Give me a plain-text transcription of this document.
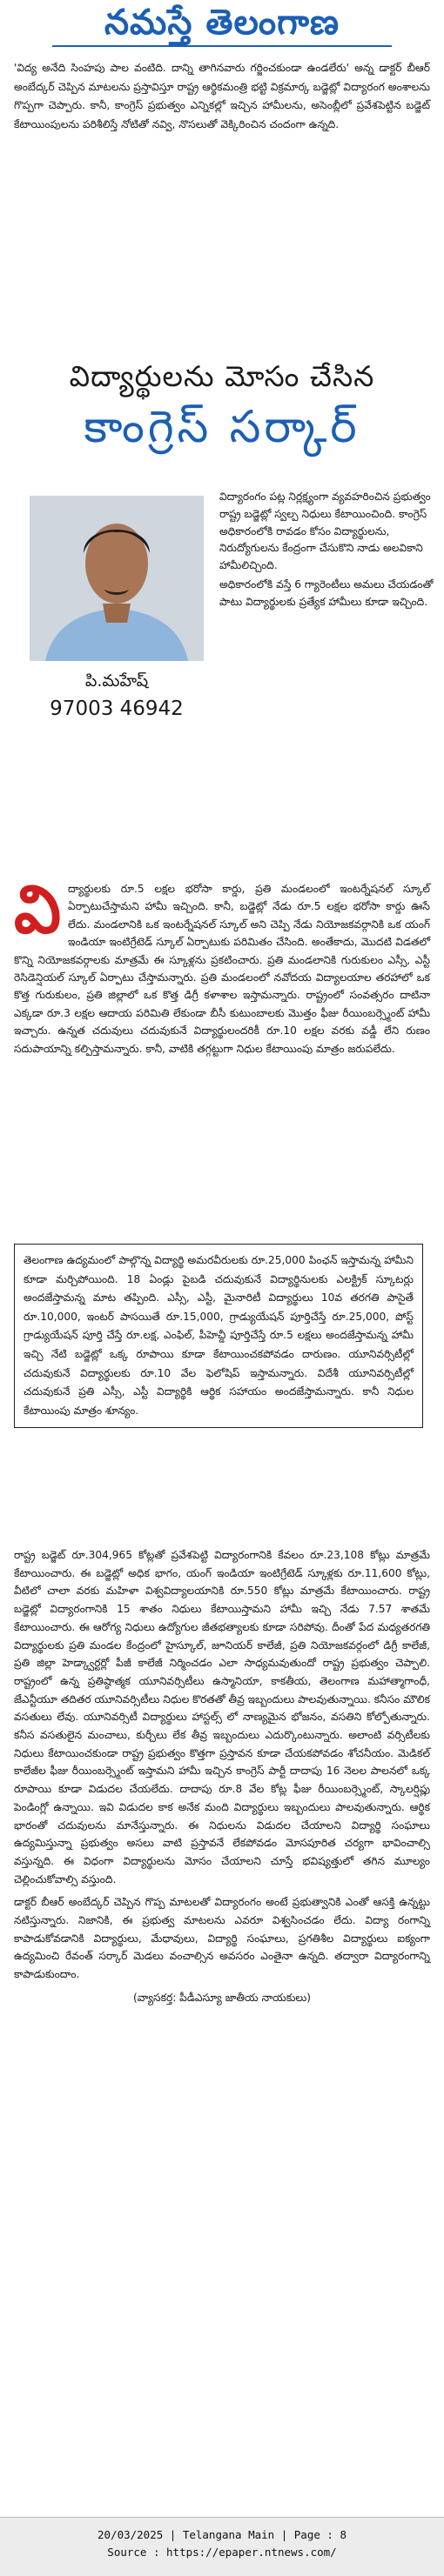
నమస్తే తెలంగాణ
'విద్య అనేది సింహపు పాల వంటిది. దాన్ని తాగినవారు గర్జించకుండా ఉండలేరు' అన్న డాక్టర్ బీఆర్ అంబేద్కర్ చెప్పిన మాటలను ప్రస్తావిస్తూ రాష్ట్ర ఆర్థికమంత్రి భట్టి విక్రమార్క బడ్జెట్లో విద్యారంగ అంశాలను గొప్పగా చెప్పారు. కానీ, కాంగ్రెస్ ప్రభుత్వం ఎన్నికల్లో ఇచ్చిన హామీలను, అసెంబ్లీలో ప్రవేశపెట్టిన బడ్జెట్ కేటాయింపులను పరిశీలిస్తే నోటితో నవ్వి, నొసలుతో వెక్కిరించిన చందంగా ఉన్నది.
విద్యార్థులను మోసం చేసిన
కాంగ్రెస్ సర్కార్
పి.మహేష్
97003 46942

విద్యారంగం పట్ల నిర్లక్ష్యంగా వ్యవహరించిన ప్రభుత్వం రాష్ట్ర బడ్జెట్లో స్వల్ప నిధులు కేటాయించింది. కాంగ్రెస్ అధికారంలోకి రావడం కోసం విద్యార్థులను, నిరుద్యోగులను కేంద్రంగా చేసుకొని నాడు అలవికాని హామీలిచ్చింది.

అధికారంలోకి వస్తే 6 గ్యారెంటీలు అమలు చేయడంతో పాటు విద్యార్థులకు ప్రత్యేక హామీలు కూడా ఇచ్చింది.

వి ద్యార్థులకు రూ.5 లక్షల భరోసా కార్డు, ప్రతి మండలంలో ఇంటర్నేషనల్ స్కూల్ ఏర్పాటుచేస్తామని హామీ ఇచ్చింది. కానీ, బడ్జెట్లో నేడు రూ.5 లక్షల భరోసా కార్డు ఊసే లేదు. మండలానికి ఒక ఇంటర్నేషనల్ స్కూల్ అని చెప్పి నేడు నియోజకవర్గానికి ఒక యంగ్ ఇండియా ఇంటిగ్రేటెడ్ స్కూల్ ఏర్పాటుకు పరిమితం చేసింది. అంతేకాదు, మొదటి విడతలో కొన్ని నియోజకవర్గాలకు మాత్రమే ఈ స్కూళ్లను ప్రకటించారు. ప్రతి మండలానికి గురుకులం ఎస్సీ, ఎస్టీ రెసిడెన్షియల్ స్కూల్ ఏర్పాటు చేస్తామన్నారు. ప్రతి మండలంలో నవోదయ విద్యాలయాల తరహాలో ఒక కొత్త గురుకులం, ప్రతి జిల్లాలో ఒక కొత్త డిగ్రీ కళాశాల ఇస్తామన్నారు. రాష్ట్రంలో సంవత్సరం దాటినా ఎక్కడా రూ.3 లక్షల ఆదాయ పరిమితి లేకుండా బీసీ కుటుంబాలకు మొత్తం ఫీజు రీయింబర్స్మెంట్ హామీ ఇచ్చారు. ఉన్నత చదువులు చదువుకునే విద్యార్థులందరికీ రూ.10 లక్షల వరకు వడ్డీ లేని రుణం సదుపాయాన్ని కల్పిస్తామన్నారు. కానీ, వాటికి తగ్గట్టుగా నిధుల కేటాయింపు మాత్రం జరుపలేదు.

తెలంగాణ ఉద్యమంలో పాల్గొన్న విద్యార్థి అమరవీరులకు రూ.25,000 పింఛన్ ఇస్తామన్న హామీని కూడా మర్చిపోయింది. 18 ఏండ్లు పైబడి చదువుకునే విద్యార్థినులకు ఎలక్ట్రిక్ స్కూటర్లు అందజేస్తామన్న మాట తప్పింది. ఎస్సీ, ఎస్టీ, మైనారిటీ విద్యార్థులు 10వ తరగతి పాసైతే రూ.10,000, ఇంటర్ పాసయితే రూ.15,000, గ్రాడ్యుయేషన్ పూర్తిచేస్తే రూ.25,000, పోస్ట్ గ్రాడ్యుయేషన్ పూర్తి చేస్తే రూ.లక్ష, ఎంఫిల్, పీహెచ్డీ పూర్తిచేస్తే రూ.5 లక్షలు అందజేస్తామన్న హామీ ఇచ్చి నేటి బడ్జెట్లో ఒక్క రూపాయి కూడా కేటాయించకపోవడం దారుణం. యూనివర్సిటీల్లో చదువుకునే విద్యార్థులకు రూ.10 వేల ఫెలోషిప్ ఇస్తామన్నారు. విదేశీ యూనివర్సిటీల్లో చదువుకునే ప్రతి ఎస్సీ, ఎస్టీ విద్యార్థికి ఆర్థిక సహాయం అందజేస్తామన్నారు. కానీ నిధుల కేటాయింపు మాత్రం శూన్యం.

రాష్ట్ర బడ్జెట్ రూ.304,965 కోట్లతో ప్రవేశపెట్టి విద్యారంగానికి కేవలం రూ.23,108 కోట్లు మాత్రమే కేటాయించారు. ఈ బడ్జెట్లో అధిక భాగం, యంగ్ ఇండియా ఇంటిగ్రేటెడ్ స్కూళ్లకు రూ.11,600 కోట్లు, వీటిలో చాలా వరకు మహిళా విశ్వవిద్యాలయానికి రూ.550 కోట్లు మాత్రమే కేటాయించారు. రాష్ట్ర బడ్జెట్లో విద్యారంగానికి 15 శాతం నిధులు కేటాయిస్తామని హామీ ఇచ్చి నేడు 7.57 శాతమే కేటాయించారు. ఈ ఆరోగ్య నిధులు ఉద్యోగుల జీతభత్యాలకు కూడా సరిపోవు. దీంతో పేద మధ్యతరగతి విద్యార్థులకు ప్రతి మండల కేంద్రంలో హైస్కూల్, జూనియర్ కాలేజీ, ప్రతి నియోజకవర్గంలో డిగ్రీ కాలేజీ, ప్రతి జిల్లా హెడ్క్వార్టర్లో పీజీ కాలేజీ నిర్మించడం ఎలా సాధ్యమవుతుందో రాష్ట్ర ప్రభుత్వం చెప్పాలి. రాష్ట్రంలో ఉన్న ప్రతిష్ఠాత్మక యూనివర్సిటీలు ఉస్మానియా, కాకతీయ, తెలంగాణ మహాత్మాగాంధీ, జేఎన్టీయూ తదితర యూనివర్సిటీలు నిధుల కొరతతో తీవ్ర ఇబ్బందులు పాలవుతున్నాయి. కనీసం మౌలిక వసతులు లేవు. యూనివర్సిటీ విద్యార్థులు హాస్టల్స్ లో నాణ్యమైన భోజనం, వసతిని కోల్పోతున్నారు. కనీస వసతులైన మంచాలు, కుర్చీలు లేక తీవ్ర ఇబ్బందులు ఎదుర్కొంటున్నారు. అలాంటి వర్సిటీలకు నిధులు కేటాయించకుండా రాష్ట్ర ప్రభుత్వం కొత్తగా ప్రస్తావన కూడా చేయకపోవడం శోచనీయం. మెడికల్ కాలేజీల ఫీజు రీయింబర్స్మెంట్ ఇస్తామని హామీ ఇచ్చిన కాంగ్రెస్ పార్టీ దాదాపు 16 నెలల పాలనలో ఒక్క రూపాయి కూడా విడుదల చేయలేదు. దాదాపు రూ.8 వేల కోట్ల ఫీజు రీయింబర్స్మెంట్, స్కాలర్షిప్లు పెండింగ్లో ఉన్నాయి. ఇవి విడుదల కాక అనేక మంది విద్యార్థులు ఇబ్బందులు పాలవుతున్నారు. ఆర్థిక భారంతో చదువులను మానేస్తున్నారు. ఈ నిధులను విడుదల చేయాలని విద్యార్థి సంఘాలు ఉద్యమిస్తున్నా ప్రభుత్వం అసలు వాటి ప్రస్తావనే లేకపోవడం మోసపూరిత చర్యగా భావించాల్సి వస్తున్నది. ఈ విధంగా విద్యార్థులను మోసం చేయాలని చూస్తే భవిష్యత్తులో తగిన మూల్యం చెల్లించుకోవాల్సి వస్తుంది.

డాక్టర్ బీఆర్ అంబేద్కర్ చెప్పిన గొప్ప మాటలతో విద్యారంగం అంటే ప్రభుత్వానికి ఎంతో ఆసక్తి ఉన్నట్టు నటిస్తున్నారు. నిజానికి, ఈ ప్రభుత్వ మాటలను ఎవరూ విశ్వసించడం లేదు. విద్యా రంగాన్ని కాపాడుకోవడానికి విద్యార్థులు, మేధావులు, విద్యార్థి సంఘాలు, ప్రగతిశీల విద్యార్థులు ఐక్యంగా ఉద్యమించి రేవంత్ సర్కార్ మెడలు వంచాల్సిన అవసరం ఎంతైనా ఉన్నది. తద్వారా విద్యారంగాన్ని కాపాడుకుందాం.

(వ్యాసకర్త: పీడీఎస్యూ జాతీయ నాయకులు)

20/03/2025 | Telangana Main | Page : 8
Source : https://epaper.ntnews.com/
